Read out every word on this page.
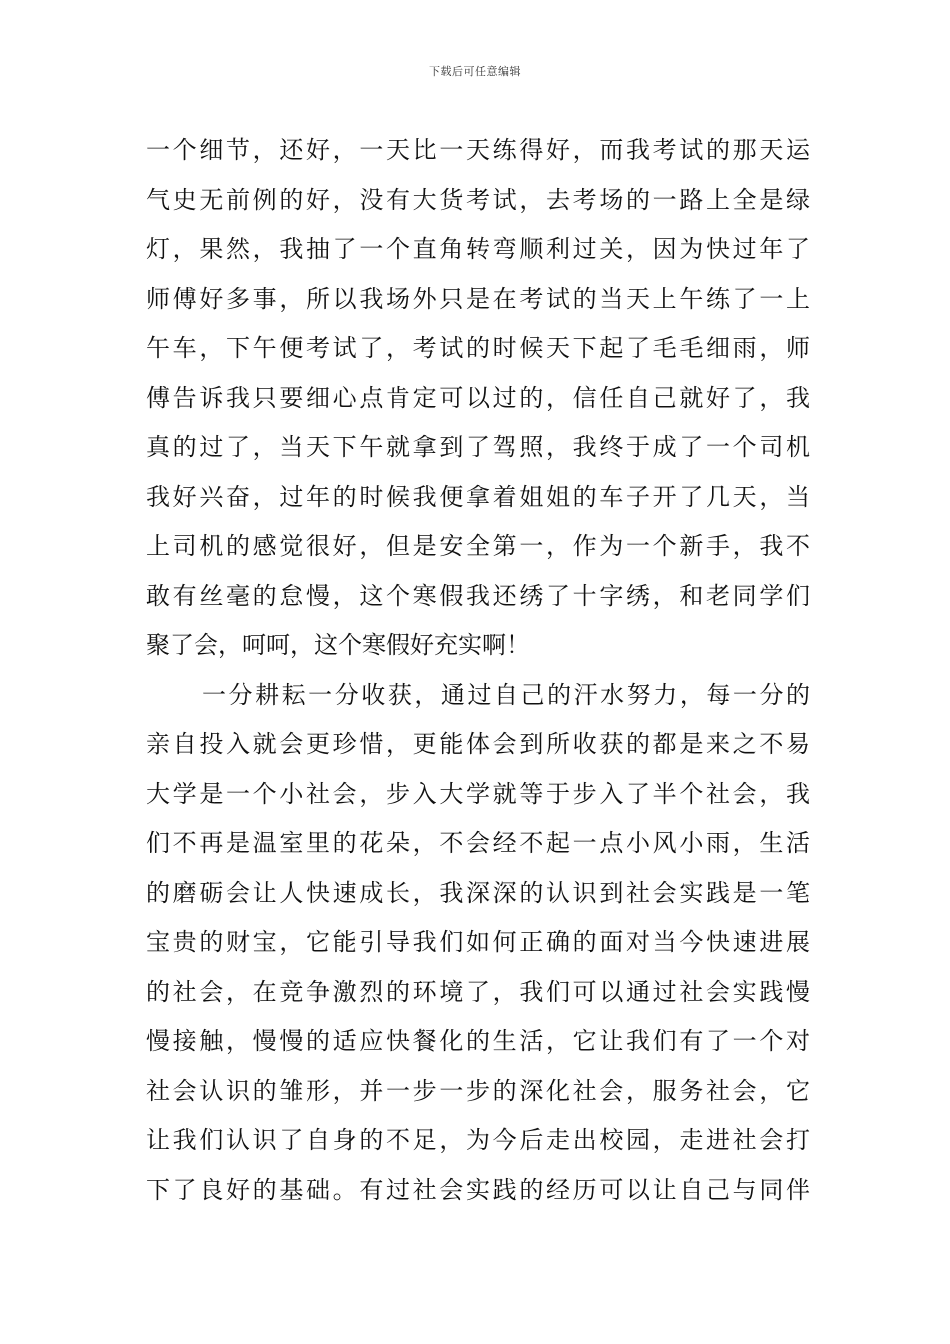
下载后可任意编辑
一个细节，还好，一天比一天练得好，而我考试的那天运
气史无前例的好，没有大货考试，去考场的一路上全是绿
灯，果然，我抽了一个直角转弯顺利过关，因为快过年了
师傅好多事，所以我场外只是在考试的当天上午练了一上
午车，下午便考试了，考试的时候天下起了毛毛细雨，师
傅告诉我只要细心点肯定可以过的，信任自己就好了，我
真的过了，当天下午就拿到了驾照，我终于成了一个司机
我好兴奋，过年的时候我便拿着姐姐的车子开了几天，当
上司机的感觉很好，但是安全第一，作为一个新手，我不
敢有丝毫的怠慢，这个寒假我还绣了十字绣，和老同学们
聚了会，呵呵，这个寒假好充实啊！
一分耕耘一分收获，通过自己的汗水努力，每一分的
亲自投入就会更珍惜，更能体会到所收获的都是来之不易
大学是一个小社会，步入大学就等于步入了半个社会，我
们不再是温室里的花朵，不会经不起一点小风小雨，生活
的磨砺会让人快速成长，我深深的认识到社会实践是一笔
宝贵的财宝，它能引导我们如何正确的面对当今快速进展
的社会，在竞争激烈的环境了，我们可以通过社会实践慢
慢接触，慢慢的适应快餐化的生活，它让我们有了一个对
社会认识的雏形，并一步一步的深化社会，服务社会，它
让我们认识了自身的不足，为今后走出校园，走进社会打
下了良好的基础。有过社会实践的经历可以让自己与同伴
